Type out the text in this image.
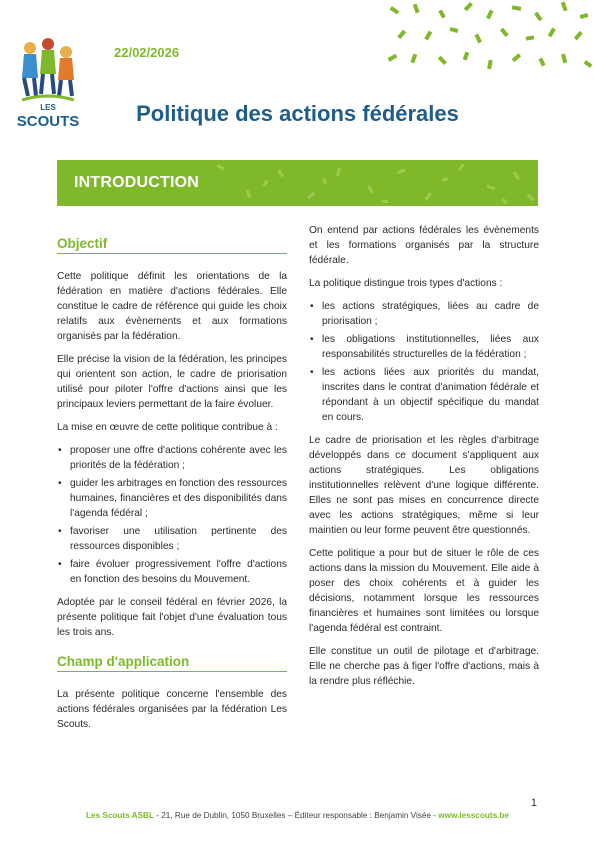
LES
SCOUTS
22/02/2026
Politique des actions fédérales
INTRODUCTION
Objectif

Cette politique définit les orientations de la fédération en matière d'actions fédérales. Elle constitue le cadre de référence qui guide les choix relatifs aux évènements et aux formations organisés par la fédération.

Elle précise la vision de la fédération, les principes qui orientent son action, le cadre de priorisation utilisé pour piloter l'offre d'actions ainsi que les principaux leviers permettant de la faire évoluer.

La mise en œuvre de cette politique contribue à :

• proposer une offre d'actions cohérente avec les priorités de la fédération ;
• guider les arbitrages en fonction des ressources humaines, financières et des disponibilités dans l'agenda fédéral ;
• favoriser une utilisation pertinente des ressources disponibles ;
• faire évoluer progressivement l'offre d'actions en fonction des besoins du Mouvement.

Adoptée par le conseil fédéral en février 2026, la présente politique fait l'objet d'une évaluation tous les trois ans.

Champ d'application

La présente politique concerne l'ensemble des actions fédérales organisées par la fédération Les Scouts.

On entend par actions fédérales les évènements et les formations organisés par la structure fédérale.

La politique distingue trois types d'actions :

• les actions stratégiques, liées au cadre de priorisation ;
• les obligations institutionnelles, liées aux responsabilités structurelles de la fédération ;
• les actions liées aux priorités du mandat, inscrites dans le contrat d'animation fédérale et répondant à un objectif spécifique du mandat en cours.

Le cadre de priorisation et les règles d'arbitrage développés dans ce document s'appliquent aux actions stratégiques. Les obligations institutionnelles relèvent d'une logique différente. Elles ne sont pas mises en concurrence directe avec les actions stratégiques, même si leur maintien ou leur forme peuvent être questionnés.

Cette politique a pour but de situer le rôle de ces actions dans la mission du Mouvement. Elle aide à poser des choix cohérents et à guider les décisions, notamment lorsque les ressources financières et humaines sont limitées ou lorsque l'agenda fédéral est contraint.

Elle constitue un outil de pilotage et d'arbitrage. Elle ne cherche pas à figer l'offre d'actions, mais à la rendre plus réfléchie.

1
Les Scouts ASBL - 21, Rue de Dublin, 1050 Bruxelles – Éditeur responsable : Benjamin Visée - www.lesscouts.be
